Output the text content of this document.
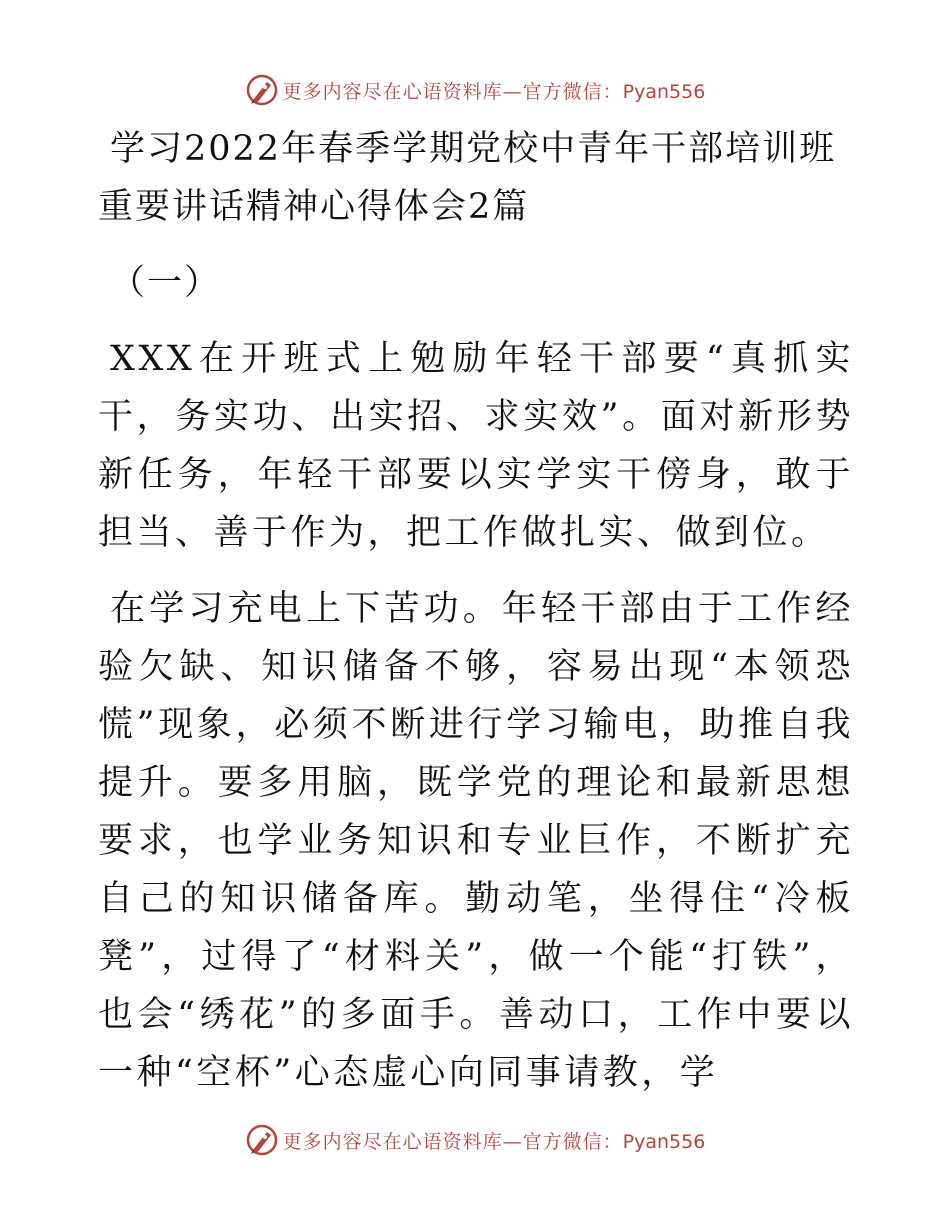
更多内容尽在心语资料库—官方微信：Pyan556
学习2022年春季学期党校中青年干部培训班重要讲话精神心得体会2篇

（一）

XXX在开班式上勉励年轻干部要“真抓实干，务实功、出实招、求实效”。面对新形势新任务，年轻干部要以实学实干傍身，敢于担当、善于作为，把工作做扎实、做到位。

在学习充电上下苦功。年轻干部由于工作经验欠缺、知识储备不够，容易出现“本领恐慌”现象，必须不断进行学习输电，助推自我提升。要多用脑，既学党的理论和最新思想要求，也学业务知识和专业巨作，不断扩充自己的知识储备库。勤动笔，坐得住“冷板凳”，过得了“材料关”，做一个能“打铁”，也会“绣花”的多面手。善动口，工作中要以一种“空杯”心态虚心向同事请教，学

更多内容尽在心语资料库—官方微信：Pyan556
